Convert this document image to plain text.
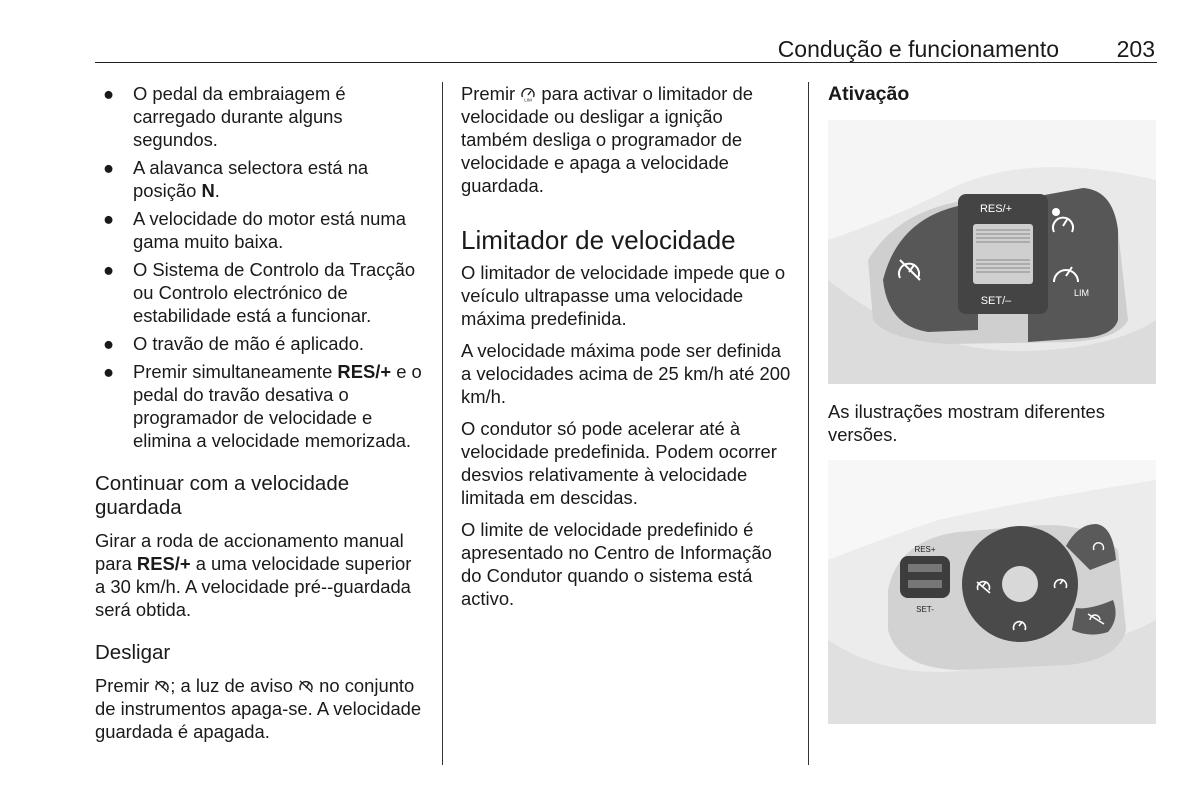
Condução e funcionamento	203
● O pedal da embraiagem é carregado durante alguns segundos.
● A alavanca selectora está na posição N.
● A velocidade do motor está numa gama muito baixa.
● O Sistema de Controlo da Tracção ou Controlo electrónico de estabilidade está a funcionar.
● O travão de mão é aplicado.
● Premir simultaneamente RES/+ e o pedal do travão desativa o programador de velocidade e elimina a velocidade memorizada.
Continuar com a velocidade guardada

Girar a roda de accionamento manual para RES/+ a uma velocidade superior a 30 km/h. A velocidade pré--guardada será obtida.

Desligar

Premir ; a luz de aviso  no conjunto de instrumentos apaga-se. A velocidade guardada é apagada.

Premir LIM para activar o limitador de velocidade ou desligar a ignição também desliga o programador de velocidade e apaga a velocidade guardada.

Limitador de velocidade

O limitador de velocidade impede que o veículo ultrapasse uma velocidade máxima predefinida.

A velocidade máxima pode ser definida a velocidades acima de 25 km/h até 200 km/h.

O condutor só pode acelerar até à velocidade predefinida. Podem ocorrer desvios relativamente à velocidade limitada em descidas.

O limite de velocidade predefinido é apresentado no Centro de Informação do Condutor quando o sistema está activo.

Ativação
RES/+
SET/–
LIM

As ilustrações mostram diferentes versões.

RES+
SET-
